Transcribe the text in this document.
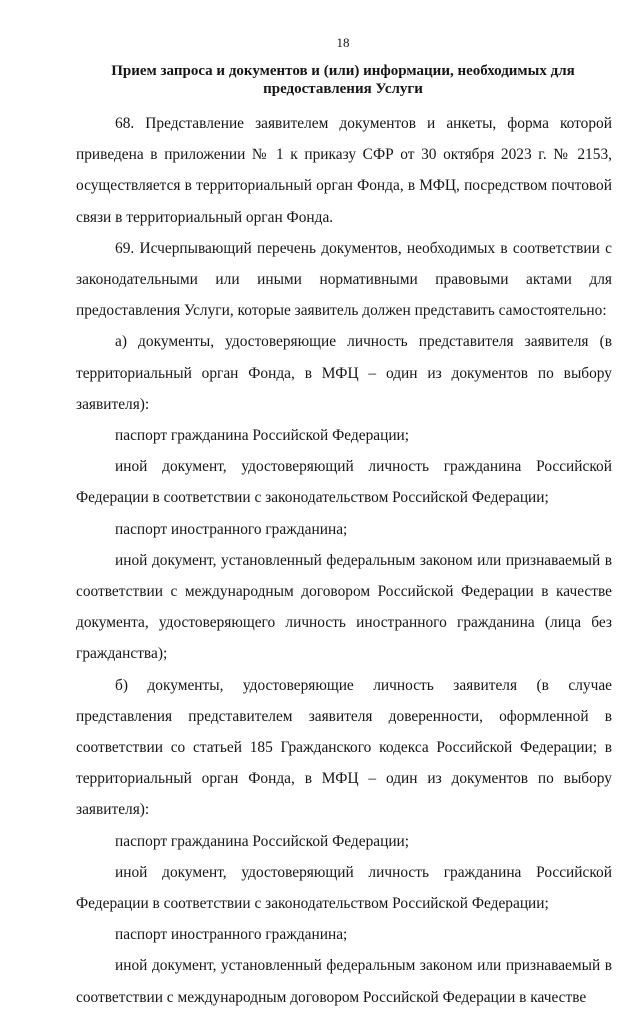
18
Прием запроса и документов и (или) информации, необходимых для предоставления Услуги

68. Представление заявителем документов и анкеты, форма которой приведена в приложении № 1 к приказу СФР от 30 октября 2023 г. № 2153, осуществляется в территориальный орган Фонда, в МФЦ, посредством почтовой связи в территориальный орган Фонда.

69. Исчерпывающий перечень документов, необходимых в соответствии с законодательными или иными нормативными правовыми актами для предоставления Услуги, которые заявитель должен представить самостоятельно:

а) документы, удостоверяющие личность представителя заявителя (в территориальный орган Фонда, в МФЦ – один из документов по выбору заявителя):

паспорт гражданина Российской Федерации;

иной документ, удостоверяющий личность гражданина Российской Федерации в соответствии с законодательством Российской Федерации;

паспорт иностранного гражданина;

иной документ, установленный федеральным законом или признаваемый в соответствии с международным договором Российской Федерации в качестве документа, удостоверяющего личность иностранного гражданина (лица без гражданства);

б) документы, удостоверяющие личность заявителя (в случае представления представителем заявителя доверенности, оформленной в соответствии со статьей 185 Гражданского кодекса Российской Федерации; в территориальный орган Фонда, в МФЦ – один из документов по выбору заявителя):

паспорт гражданина Российской Федерации;

иной документ, удостоверяющий личность гражданина Российской Федерации в соответствии с законодательством Российской Федерации;

паспорт иностранного гражданина;

иной документ, установленный федеральным законом или признаваемый в соответствии с международным договором Российской Федерации в качестве
